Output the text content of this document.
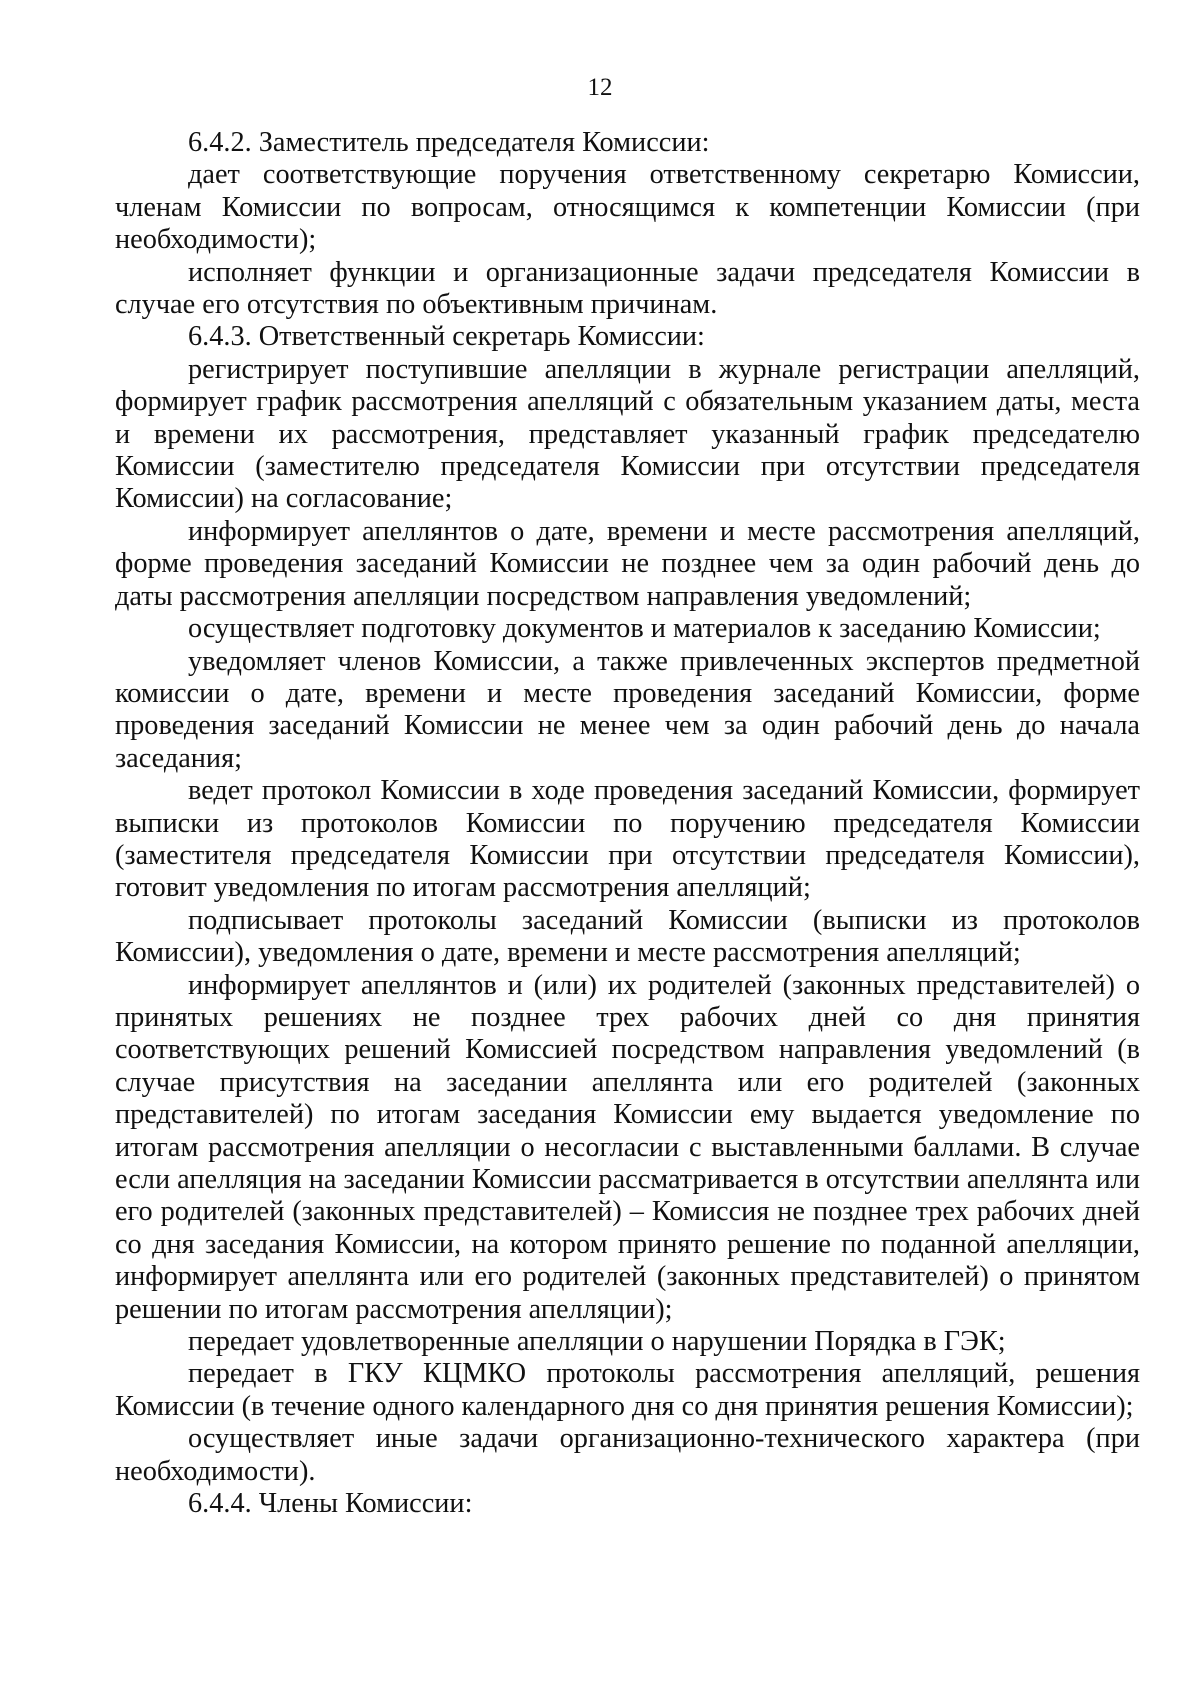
12

6.4.2. Заместитель председателя Комиссии:

дает соответствующие поручения ответственному секретарю Комиссии, членам Комиссии по вопросам, относящимся к компетенции Комиссии (при необходимости);

исполняет функции и организационные задачи председателя Комиссии в случае его отсутствия по объективным причинам.

6.4.3. Ответственный секретарь Комиссии:

регистрирует поступившие апелляции в журнале регистрации апелляций, формирует график рассмотрения апелляций с обязательным указанием даты, места и времени их рассмотрения, представляет указанный график председателю Комиссии (заместителю председателя Комиссии при отсутствии председателя Комиссии) на согласование;

информирует апеллянтов о дате, времени и месте рассмотрения апелляций, форме проведения заседаний Комиссии не позднее чем за один рабочий день до даты рассмотрения апелляции посредством направления уведомлений;

осуществляет подготовку документов и материалов к заседанию Комиссии;

уведомляет членов Комиссии, а также привлеченных экспертов предметной комиссии о дате, времени и месте проведения заседаний Комиссии, форме проведения заседаний Комиссии не менее чем за один рабочий день до начала заседания;

ведет протокол Комиссии в ходе проведения заседаний Комиссии, формирует выписки из протоколов Комиссии по поручению председателя Комиссии (заместителя председателя Комиссии при отсутствии председателя Комиссии), готовит уведомления по итогам рассмотрения апелляций;

подписывает протоколы заседаний Комиссии (выписки из протоколов Комиссии), уведомления о дате, времени и месте рассмотрения апелляций;

информирует апеллянтов и (или) их родителей (законных представителей) о принятых решениях не позднее трех рабочих дней со дня принятия соответствующих решений Комиссией посредством направления уведомлений (в случае присутствия на заседании апеллянта или его родителей (законных представителей) по итогам заседания Комиссии ему выдается уведомление по итогам рассмотрения апелляции о несогласии с выставленными баллами. В случае если апелляция на заседании Комиссии рассматривается в отсутствии апеллянта или его родителей (законных представителей) – Комиссия не позднее трех рабочих дней со дня заседания Комиссии, на котором принято решение по поданной апелляции, информирует апеллянта или его родителей (законных представителей) о принятом решении по итогам рассмотрения апелляции);

передает удовлетворенные апелляции о нарушении Порядка в ГЭК;

передает в ГКУ КЦМКО протоколы рассмотрения апелляций, решения Комиссии (в течение одного календарного дня со дня принятия решения Комиссии);

осуществляет иные задачи организационно-технического характера (при необходимости).

6.4.4. Члены Комиссии:
